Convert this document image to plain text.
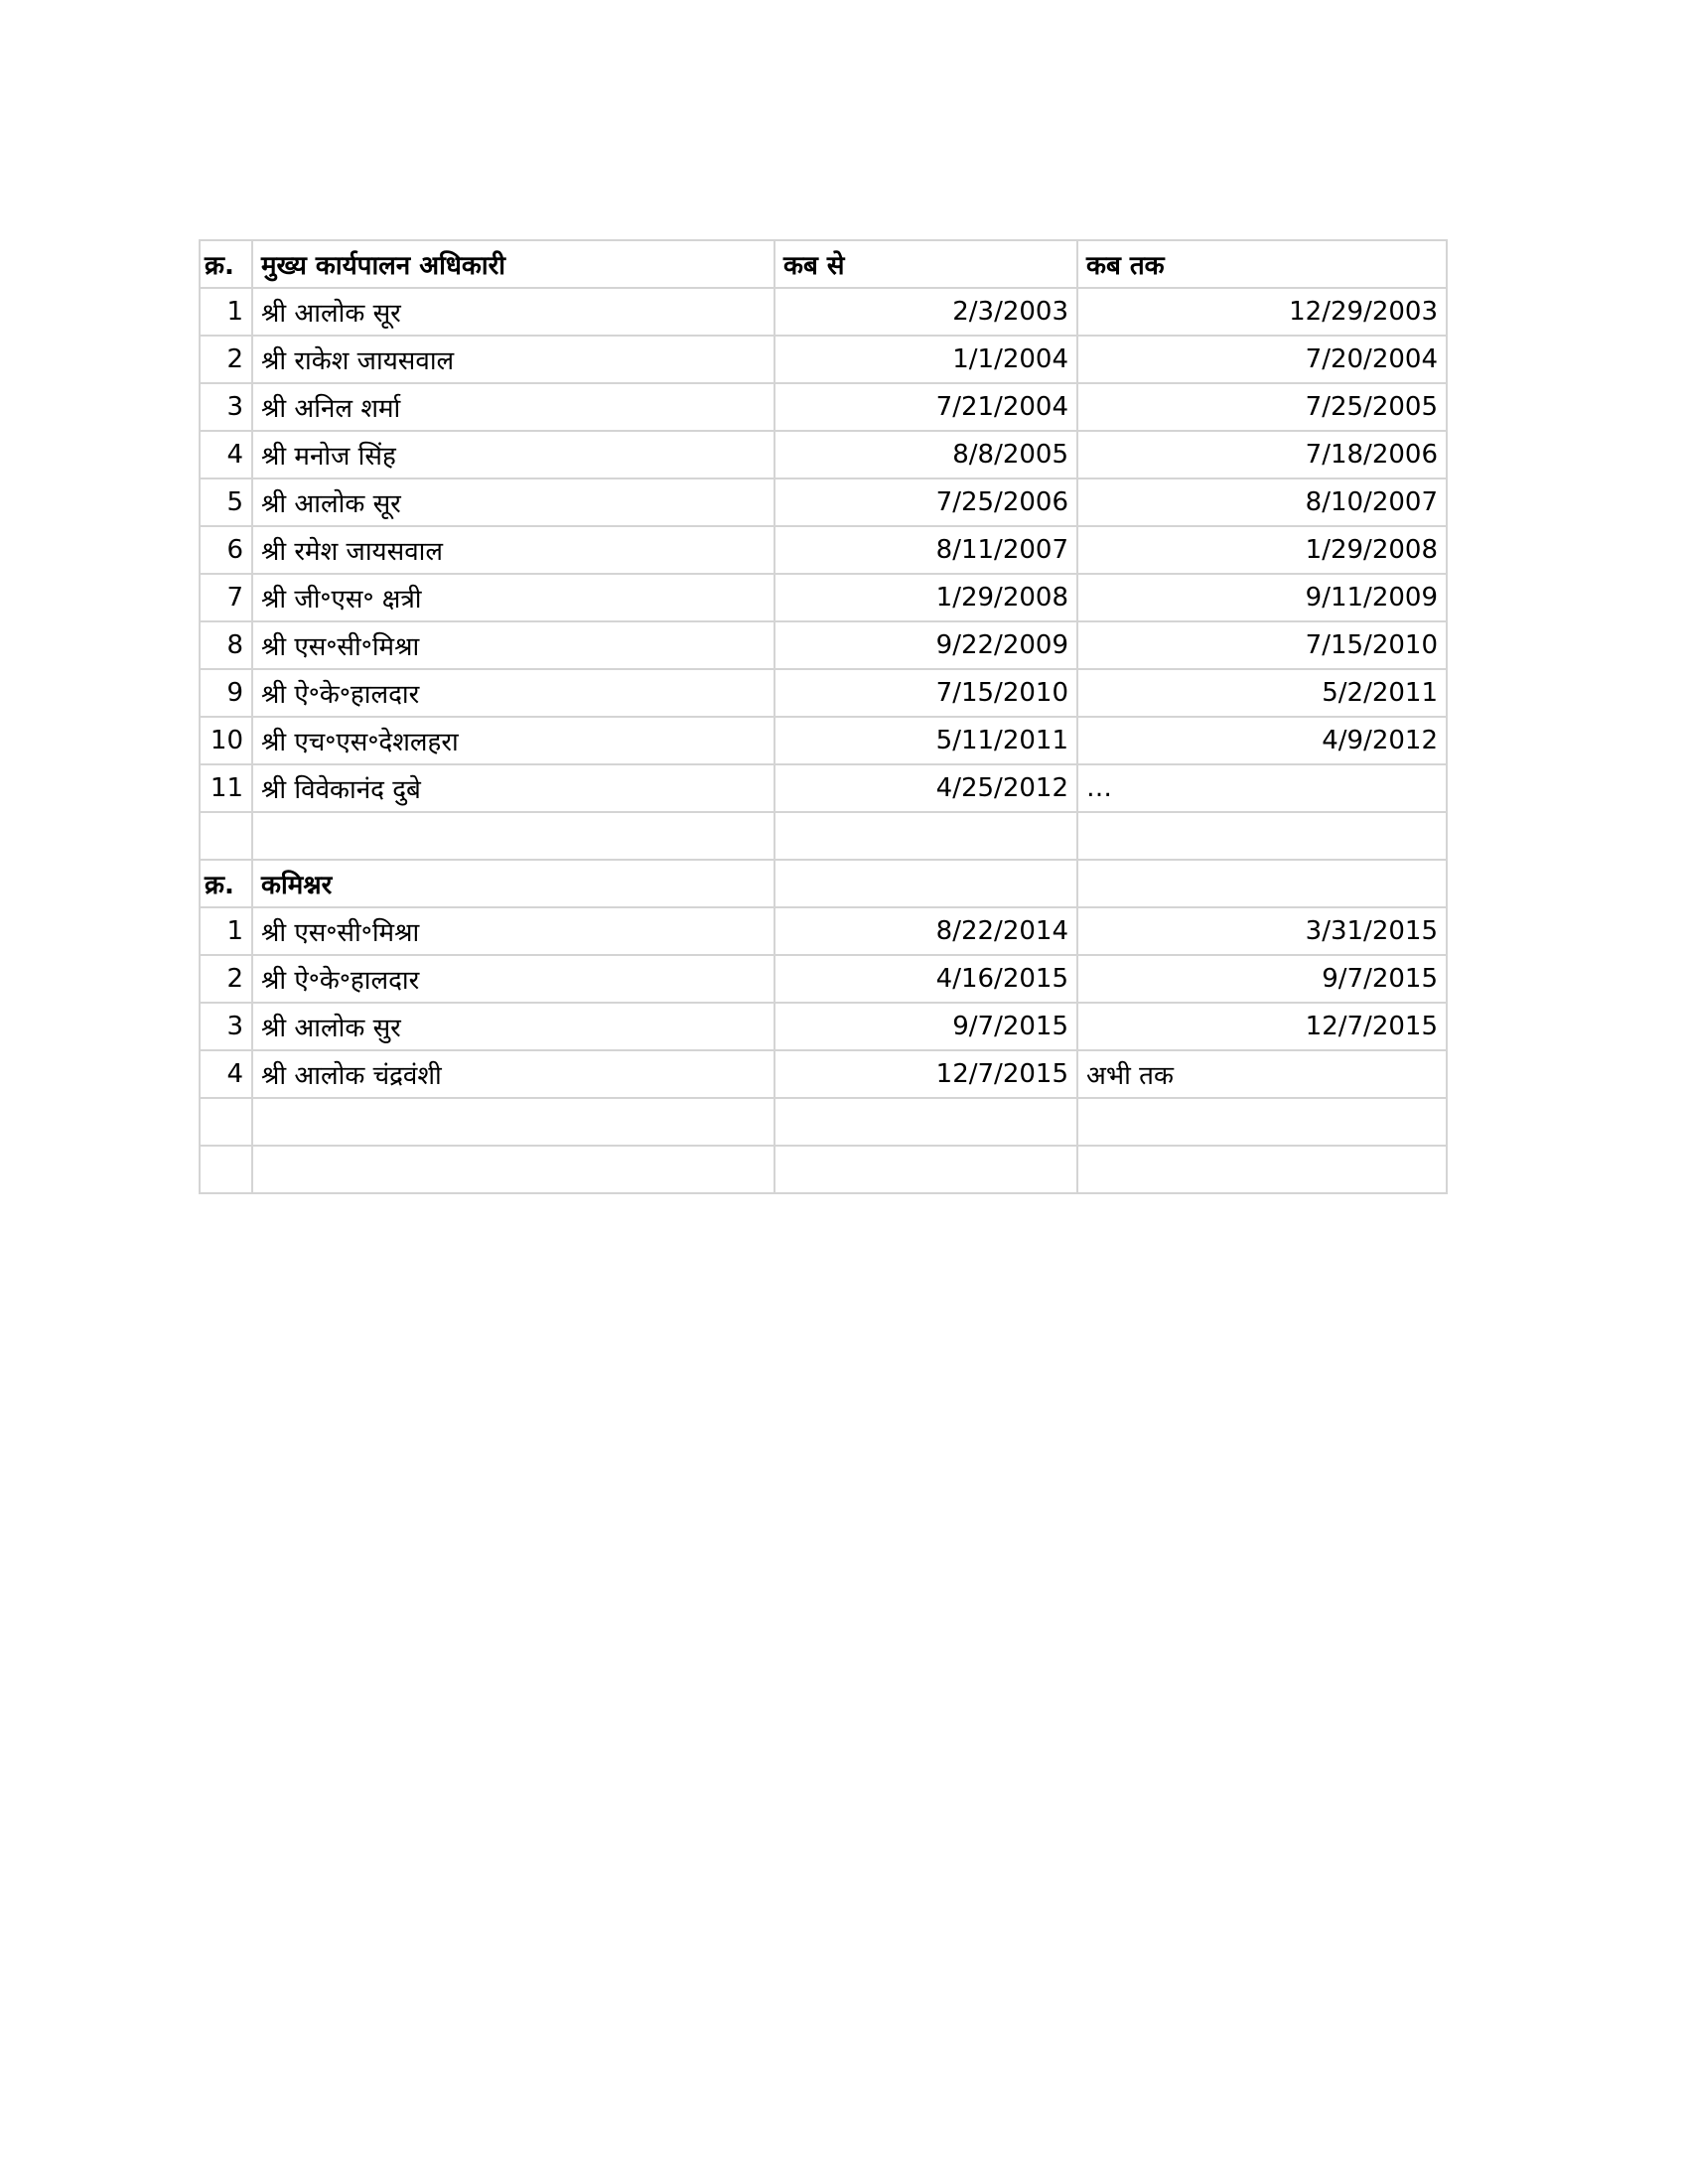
क्र.	मुख्य कार्यपालन अधिकारी	कब से	कब तक
1	श्री आलोक सूर	2/3/2003	12/29/2003
2	श्री राकेश जायसवाल	1/1/2004	7/20/2004
3	श्री अनिल शर्मा	7/21/2004	7/25/2005
4	श्री मनोज सिंह	8/8/2005	7/18/2006
5	श्री आलोक सूर	7/25/2006	8/10/2007
6	श्री रमेश जायसवाल	8/11/2007	1/29/2008
7	श्री जी॰एस॰ क्षत्री	1/29/2008	9/11/2009
8	श्री एस॰सी॰मिश्रा	9/22/2009	7/15/2010
9	श्री ऐ॰के॰हालदार	7/15/2010	5/2/2011
10	श्री एच॰एस॰देशलहरा	5/11/2011	4/9/2012
11	श्री विवेकानंद दुबे	4/25/2012	…

क्र.	कमिश्नर		
1	श्री एस॰सी॰मिश्रा	8/22/2014	3/31/2015
2	श्री ऐ॰के॰हालदार	4/16/2015	9/7/2015
3	श्री आलोक सुर	9/7/2015	12/7/2015
4	श्री आलोक चंद्रवंशी	12/7/2015	अभी तक
